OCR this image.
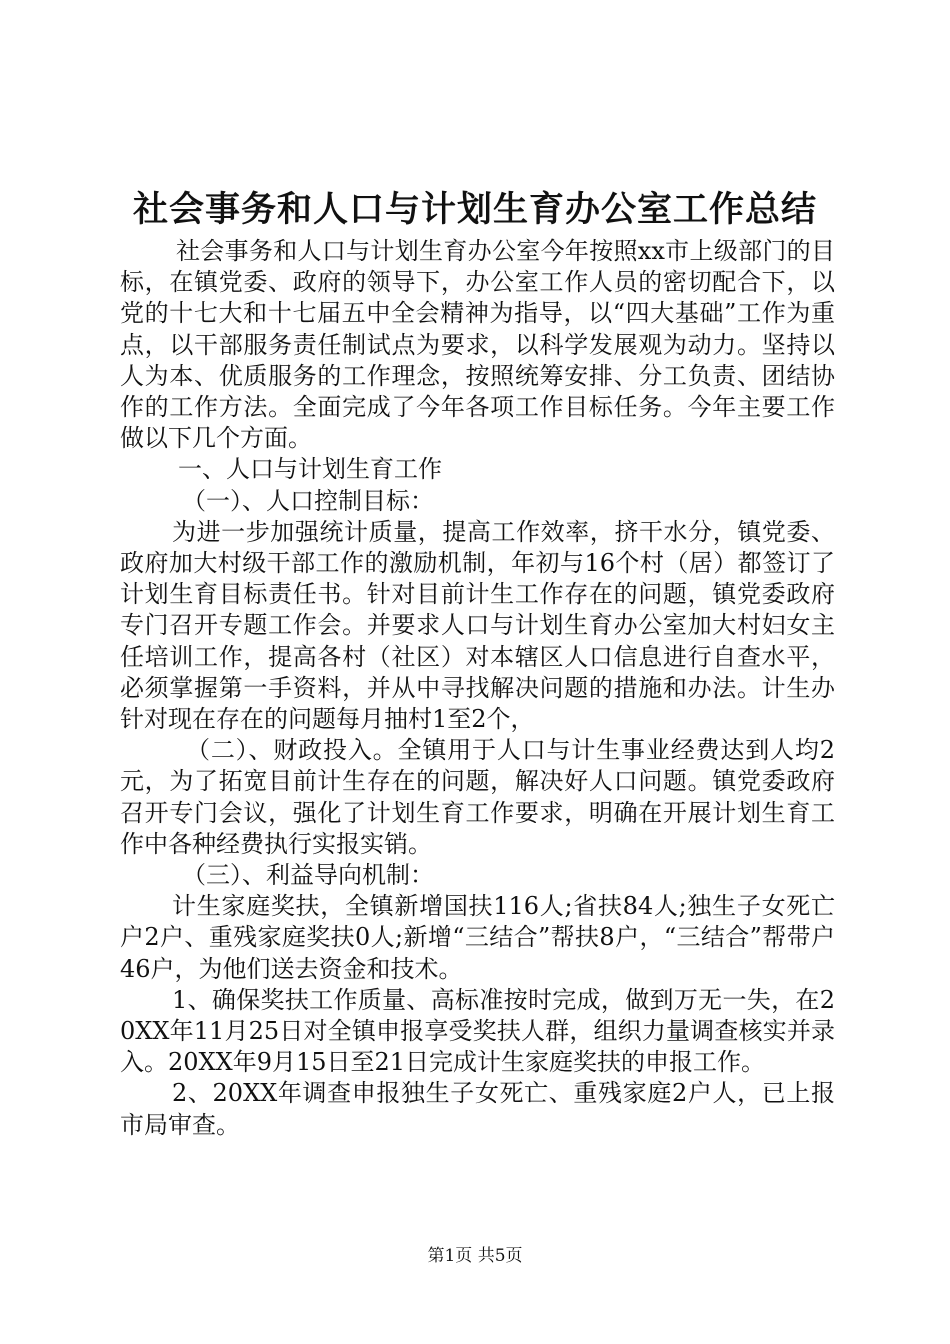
社会事务和人口与计划生育办公室工作总结

社会事务和人口与计划生育办公室今年按照xx市上级部门的目标，在镇党委、政府的领导下，办公室工作人员的密切配合下，以党的十七大和十七届五中全会精神为指导，以“四大基础”工作为重点，以干部服务责任制试点为要求，以科学发展观为动力。坚持以人为本、优质服务的工作理念，按照统筹安排、分工负责、团结协作的工作方法。全面完成了今年各项工作目标任务。今年主要工作做以下几个方面。

一、人口与计划生育工作

（一）、人口控制目标：

为进一步加强统计质量，提高工作效率，挤干水分，镇党委、政府加大村级干部工作的激励机制，年初与16个村（居）都签订了计划生育目标责任书。针对目前计生工作存在的问题，镇党委政府专门召开专题工作会。并要求人口与计划生育办公室加大村妇女主任培训工作，提高各村（社区）对本辖区人口信息进行自查水平，必须掌握第一手资料，并从中寻找解决问题的措施和办法。计生办针对现在存在的问题每月抽村1至2个，

（二）、财政投入。全镇用于人口与计生事业经费达到人均2元，为了拓宽目前计生存在的问题，解决好人口问题。镇党委政府召开专门会议，强化了计划生育工作要求，明确在开展计划生育工作中各种经费执行实报实销。

（三）、利益导向机制：

计生家庭奖扶，全镇新增国扶116人;省扶84人;独生子女死亡户2户、重残家庭奖扶0人;新增“三结合”帮扶8户，“三结合”帮带户46户，为他们送去资金和技术。

1、确保奖扶工作质量、高标准按时完成，做到万无一失，在20XX年11月25日对全镇申报享受奖扶人群，组织力量调查核实并录入。20XX年9月15日至21日完成计生家庭奖扶的申报工作。

2、20XX年调查申报独生子女死亡、重残家庭2户人，已上报市局审查。

第1页 共5页
